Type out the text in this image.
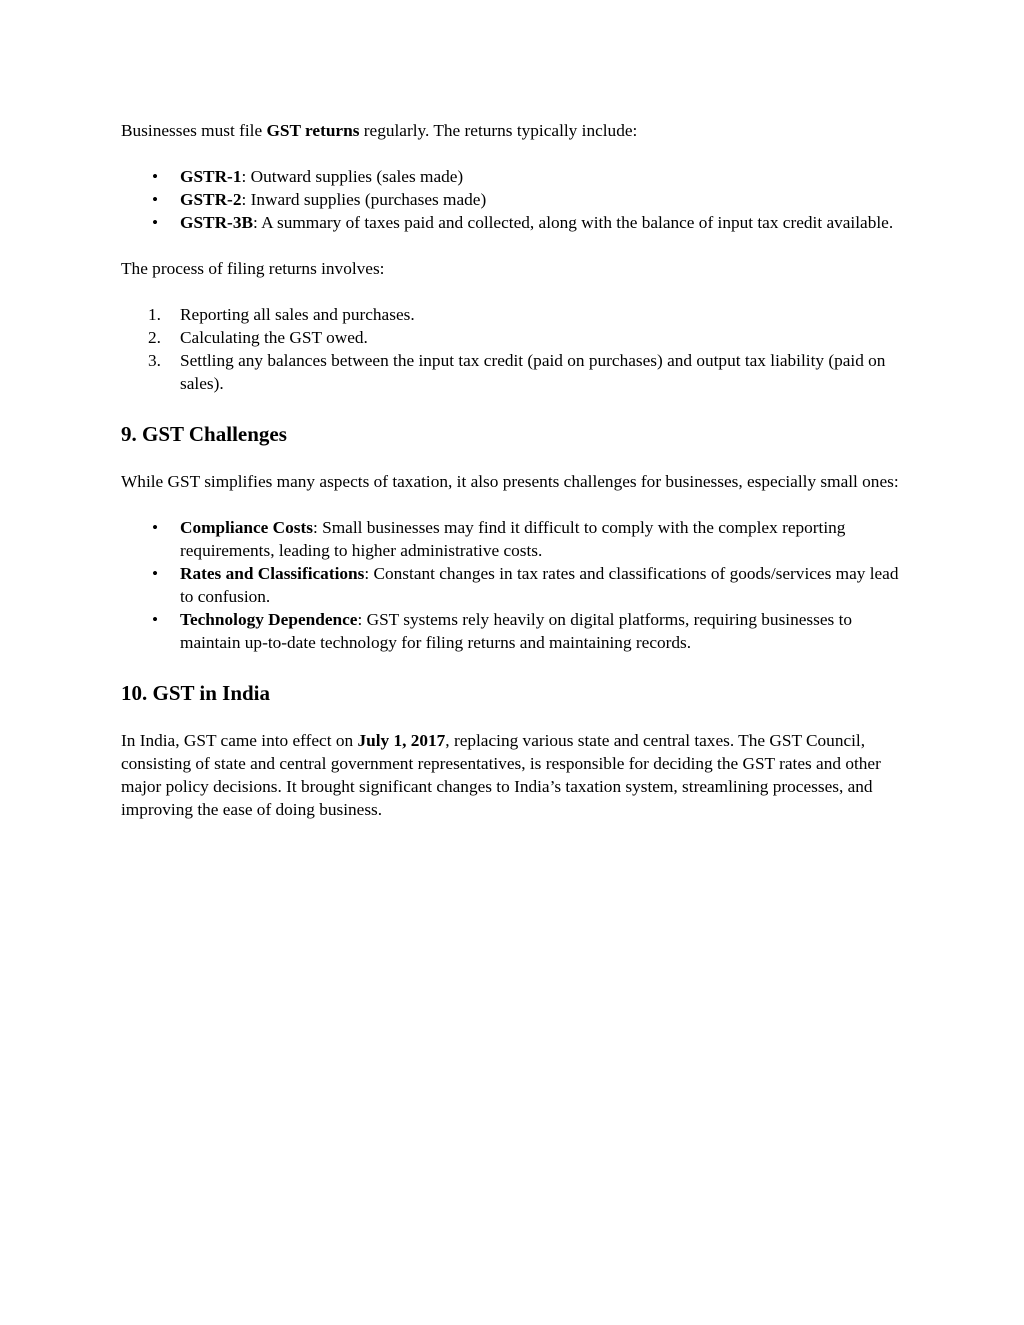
Businesses must file GST returns regularly. The returns typically include:

• GSTR-1: Outward supplies (sales made)
• GSTR-2: Inward supplies (purchases made)
• GSTR-3B: A summary of taxes paid and collected, along with the balance of input tax credit available.

The process of filing returns involves:

1. Reporting all sales and purchases.
2. Calculating the GST owed.
3. Settling any balances between the input tax credit (paid on purchases) and output tax liability (paid on sales).
9. GST Challenges

While GST simplifies many aspects of taxation, it also presents challenges for businesses, especially small ones:

• Compliance Costs: Small businesses may find it difficult to comply with the complex reporting requirements, leading to higher administrative costs.
• Rates and Classifications: Constant changes in tax rates and classifications of goods/services may lead to confusion.
• Technology Dependence: GST systems rely heavily on digital platforms, requiring businesses to maintain up-to-date technology for filing returns and maintaining records.
10. GST in India

In India, GST came into effect on July 1, 2017, replacing various state and central taxes. The GST Council, consisting of state and central government representatives, is responsible for deciding the GST rates and other major policy decisions. It brought significant changes to India’s taxation system, streamlining processes, and improving the ease of doing business.
